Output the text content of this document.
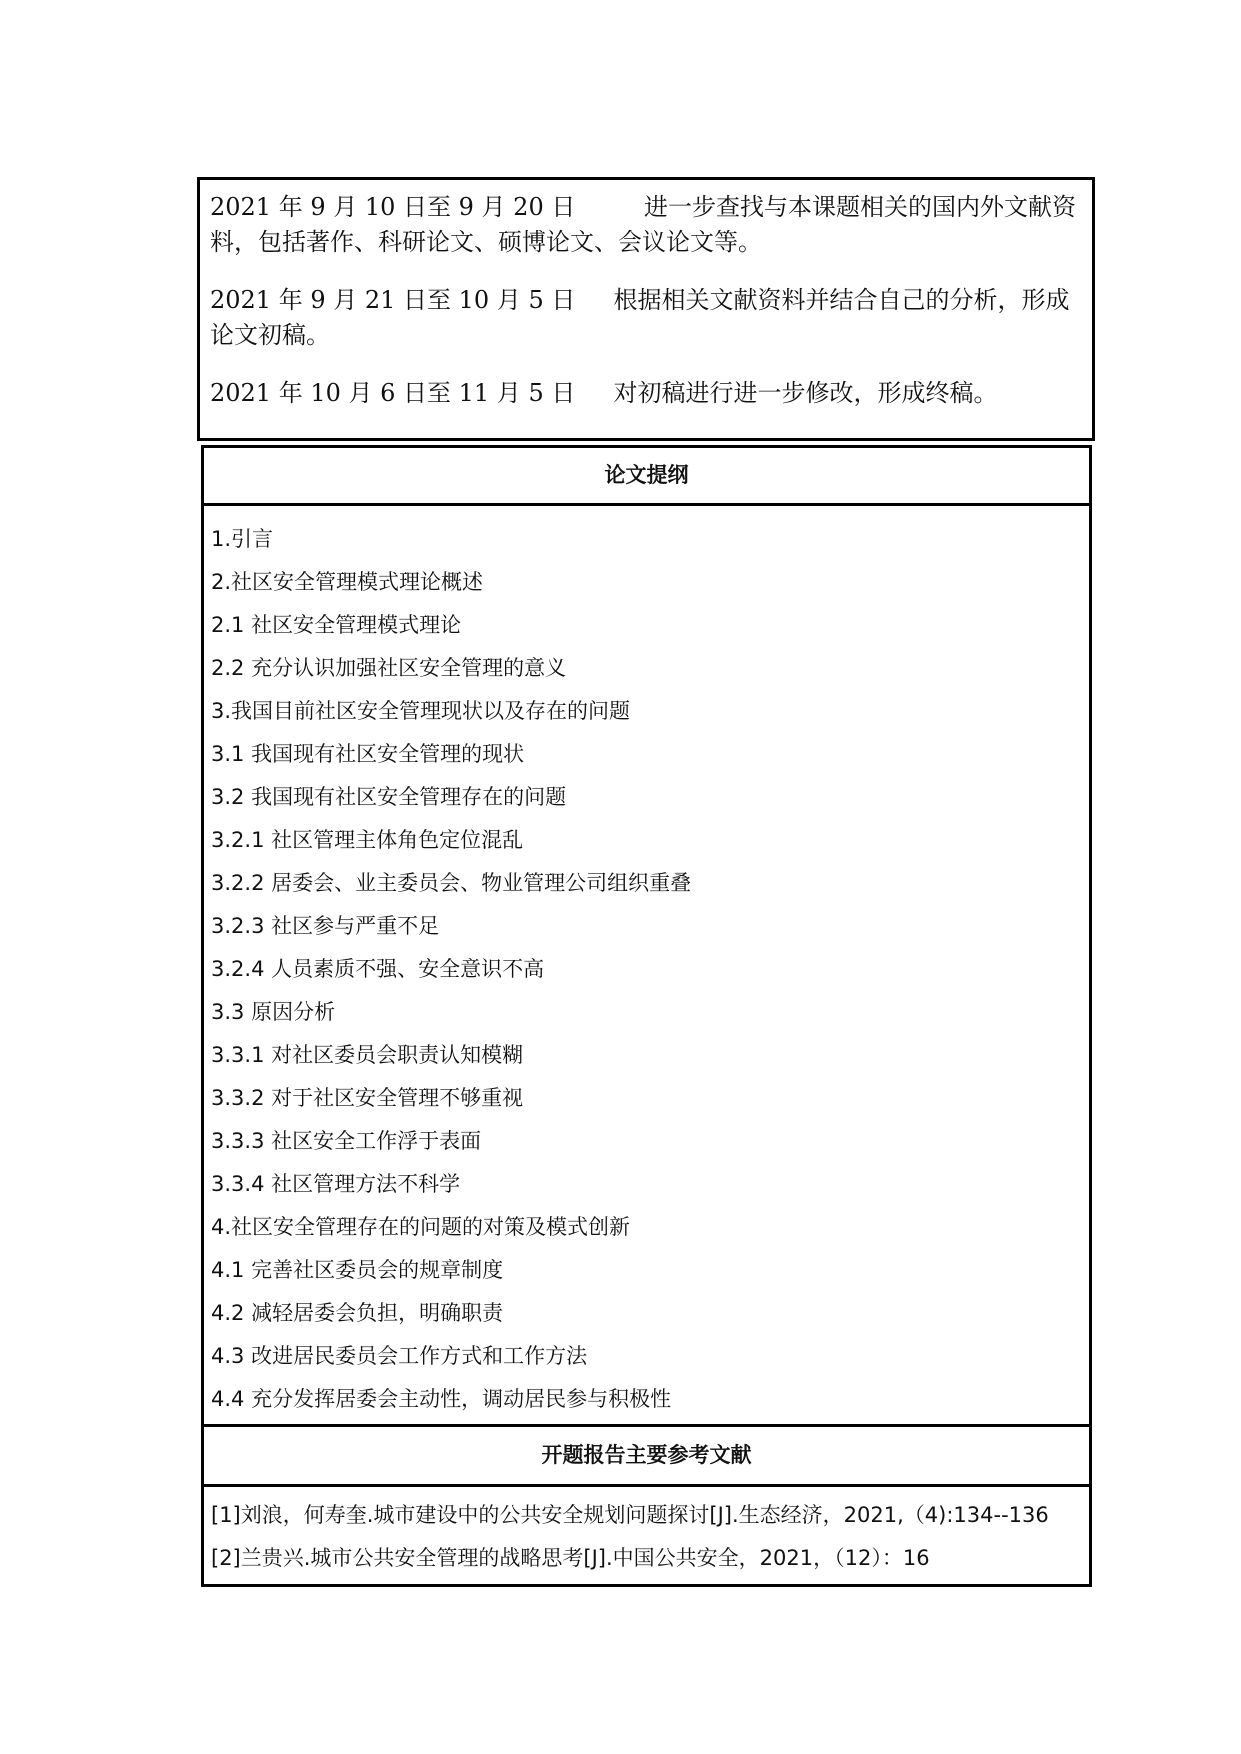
2021 年 9 月 10 日至 9 月 20 日	进一步查找与本课题相关的国内外文献资料，包括著作、科研论文、硕博论文、会议论文等。
2021 年 9 月 21 日至 10 月 5 日 根据相关文献资料并结合自己的分析，形成论文初稿。
2021 年 10 月 6 日至 11 月 5 日 对初稿进行进一步修改，形成终稿。
论文提纲
1.引言
2.社区安全管理模式理论概述
2.1 社区安全管理模式理论
2.2 充分认识加强社区安全管理的意义
3.我国目前社区安全管理现状以及存在的问题
3.1 我国现有社区安全管理的现状
3.2 我国现有社区安全管理存在的问题
3.2.1 社区管理主体角色定位混乱
3.2.2 居委会、业主委员会、物业管理公司组织重叠
3.2.3 社区参与严重不足
3.2.4 人员素质不强、安全意识不高
3.3 原因分析
3.3.1 对社区委员会职责认知模糊
3.3.2 对于社区安全管理不够重视
3.3.3 社区安全工作浮于表面
3.3.4 社区管理方法不科学
4.社区安全管理存在的问题的对策及模式创新
4.1 完善社区委员会的规章制度
4.2 减轻居委会负担，明确职责
4.3 改进居民委员会工作方式和工作方法
4.4 充分发挥居委会主动性，调动居民参与积极性
开题报告主要参考文献
[1]刘浪，何寿奎.城市建设中的公共安全规划问题探讨[J].生态经济，2021,（4):134--136
[2]兰贵兴.城市公共安全管理的战略思考[J].中国公共安全，2021，（12）：16
